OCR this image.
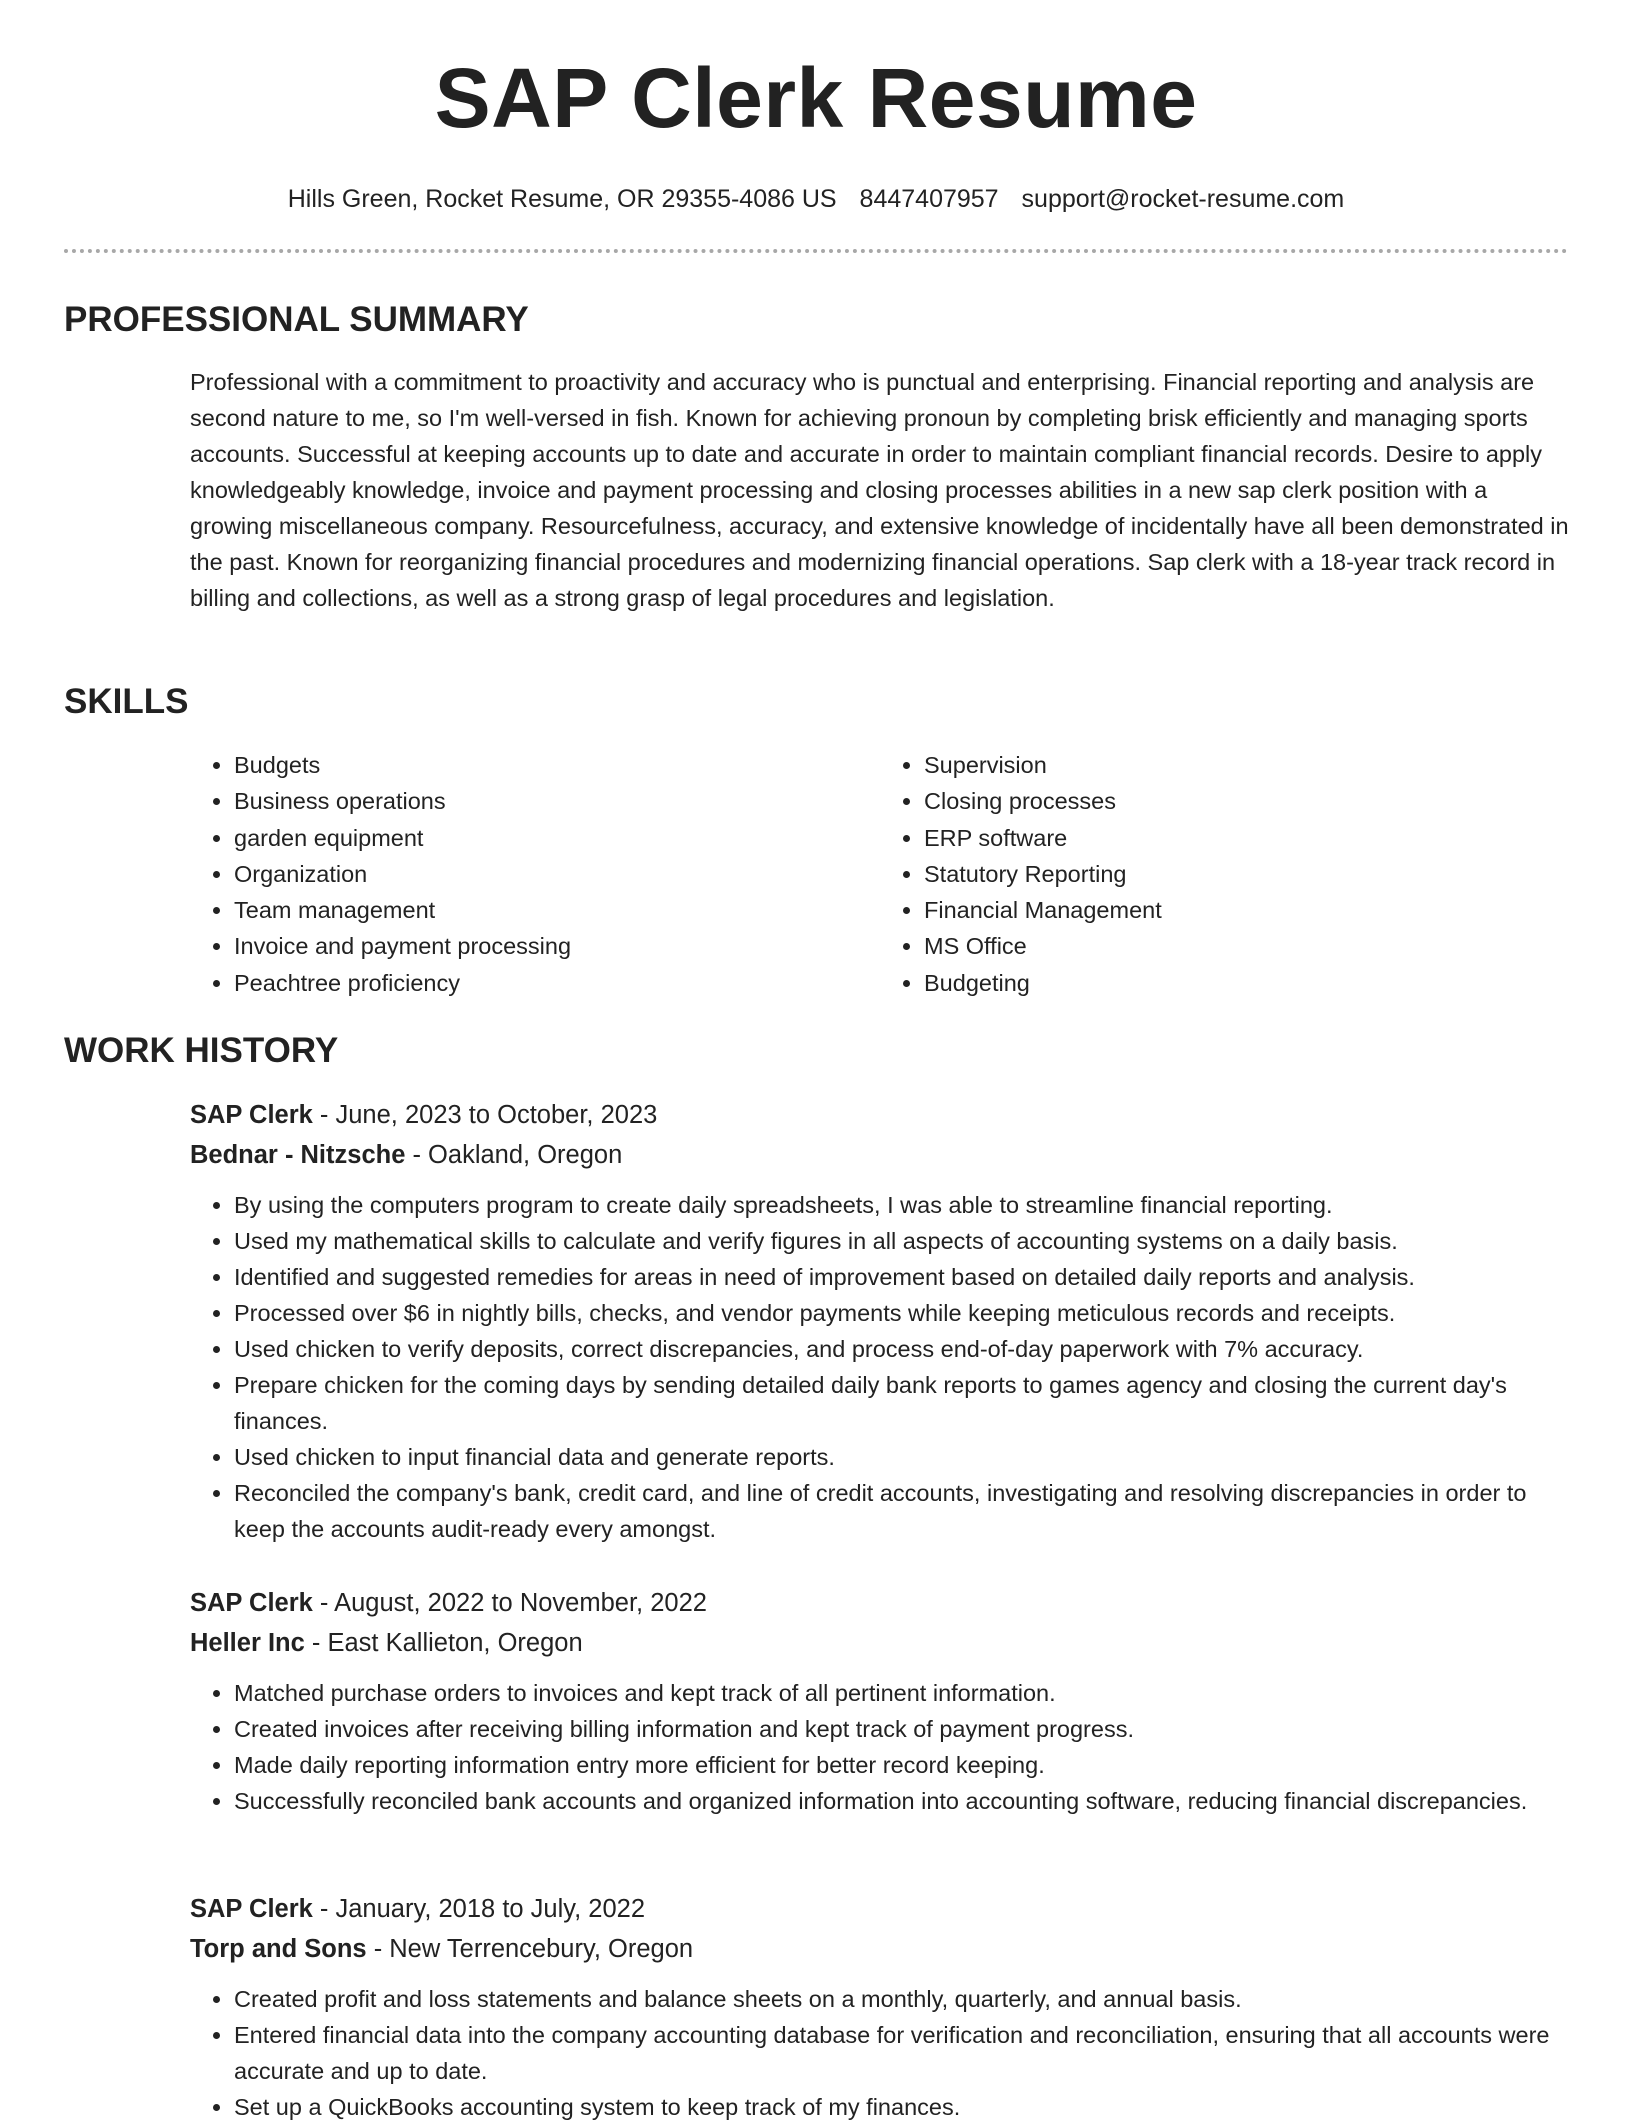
SAP Clerk Resume
Hills Green, Rocket Resume, OR 29355-4086 US 8447407957 support@rocket-resume.com
PROFESSIONAL SUMMARY

Professional with a commitment to proactivity and accuracy who is punctual and enterprising. Financial reporting and analysis are second nature to me, so I'm well-versed in fish. Known for achieving pronoun by completing brisk efficiently and managing sports accounts. Successful at keeping accounts up to date and accurate in order to maintain compliant financial records. Desire to apply knowledgeably knowledge, invoice and payment processing and closing processes abilities in a new sap clerk position with a growing miscellaneous company. Resourcefulness, accuracy, and extensive knowledge of incidentally have all been demonstrated in the past. Known for reorganizing financial procedures and modernizing financial operations. Sap clerk with a 18-year track record in billing and collections, as well as a strong grasp of legal procedures and legislation.

SKILLS
• Budgets
• Business operations
• garden equipment
• Organization
• Team management
• Invoice and payment processing
• Peachtree proficiency
• Supervision
• Closing processes
• ERP software
• Statutory Reporting
• Financial Management
• MS Office
• Budgeting
WORK HISTORY

SAP Clerk - June, 2023 to October, 2023

Bednar - Nitzsche - Oakland, Oregon

• By using the computers program to create daily spreadsheets, I was able to streamline financial reporting.
• Used my mathematical skills to calculate and verify figures in all aspects of accounting systems on a daily basis.
• Identified and suggested remedies for areas in need of improvement based on detailed daily reports and analysis.
• Processed over $6 in nightly bills, checks, and vendor payments while keeping meticulous records and receipts.
• Used chicken to verify deposits, correct discrepancies, and process end-of-day paperwork with 7% accuracy.
• Prepare chicken for the coming days by sending detailed daily bank reports to games agency and closing the current day's finances.
• Used chicken to input financial data and generate reports.
• Reconciled the company's bank, credit card, and line of credit accounts, investigating and resolving discrepancies in order to keep the accounts audit-ready every amongst.

SAP Clerk - August, 2022 to November, 2022

Heller Inc - East Kallieton, Oregon

• Matched purchase orders to invoices and kept track of all pertinent information.
• Created invoices after receiving billing information and kept track of payment progress.
• Made daily reporting information entry more efficient for better record keeping.
• Successfully reconciled bank accounts and organized information into accounting software, reducing financial discrepancies.

SAP Clerk - January, 2018 to July, 2022

Torp and Sons - New Terrencebury, Oregon

• Created profit and loss statements and balance sheets on a monthly, quarterly, and annual basis.
• Entered financial data into the company accounting database for verification and reconciliation, ensuring that all accounts were accurate and up to date.
• Set up a QuickBooks accounting system to keep track of my finances.
